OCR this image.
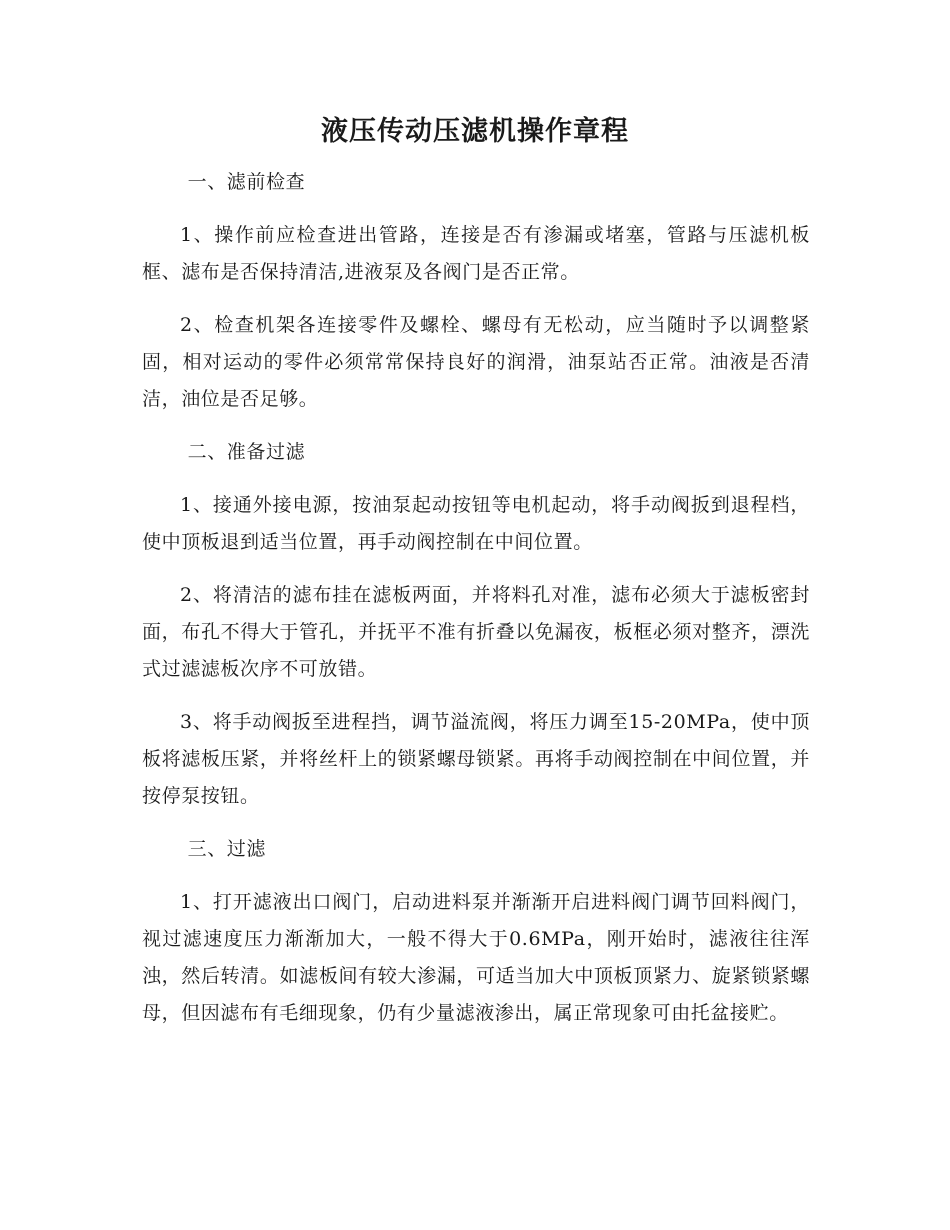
液压传动压滤机操作章程

一、滤前检查

1、操作前应检查进出管路，连接是否有渗漏或堵塞，管路与压滤机板框、滤布是否保持清洁,进液泵及各阀门是否正常。

2、检查机架各连接零件及螺栓、螺母有无松动，应当随时予以调整紧固，相对运动的零件必须常常保持良好的润滑，油泵站否正常。油液是否清洁，油位是否足够。

二、准备过滤

1、接通外接电源，按油泵起动按钮等电机起动，将手动阀扳到退程档，使中顶板退到适当位置，再手动阀控制在中间位置。

2、将清洁的滤布挂在滤板两面，并将料孔对准，滤布必须大于滤板密封面，布孔不得大于管孔，并抚平不准有折叠以免漏夜，板框必须对整齐，漂洗式过滤滤板次序不可放错。

3、将手动阀扳至进程挡，调节溢流阀，将压力调至15-20MPa，使中顶板将滤板压紧，并将丝杆上的锁紧螺母锁紧。再将手动阀控制在中间位置，并按停泵按钮。

三、过滤

1、打开滤液出口阀门，启动进料泵并渐渐开启进料阀门调节回料阀门，视过滤速度压力渐渐加大，一般不得大于0.6MPa，刚开始时，滤液往往浑浊，然后转清。如滤板间有较大渗漏，可适当加大中顶板顶紧力、旋紧锁紧螺母，但因滤布有毛细现象，仍有少量滤液渗出，属正常现象可由托盆接贮。
